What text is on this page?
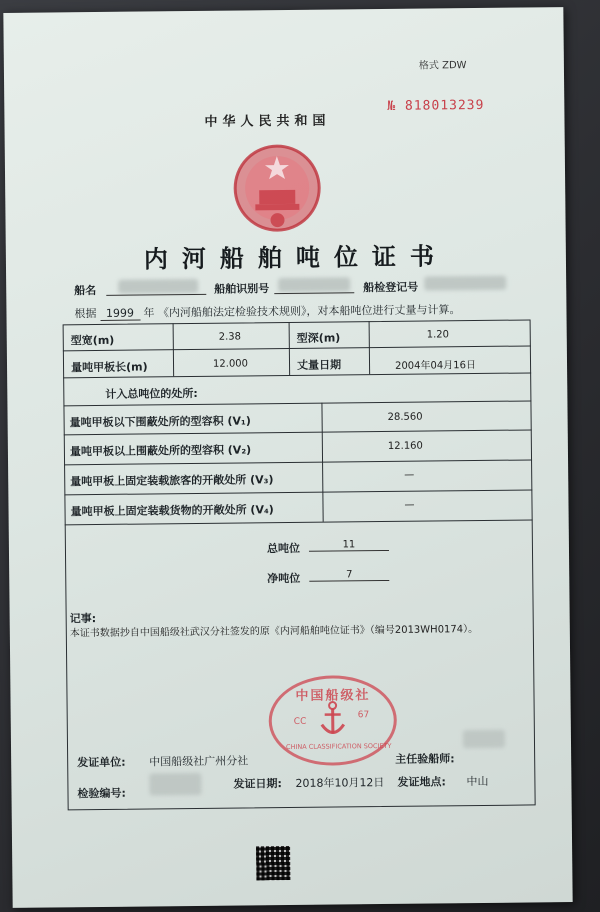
格式 ZDW
№ 818013239
中华人民共和国
内河船舶吨位证书
船名	船舶识别号	船检登记号
根据 1999 年 《内河船舶法定检验技术规则》，对本船吨位进行丈量与计算。
型宽(m)	2.38	型深(m)	1.20
量吨甲板长(m)	12.000	丈量日期	2004年04月16日
计入总吨位的处所:
量吨甲板以下围蔽处所的型容积 (V₁)	28.560
量吨甲板以上围蔽处所的型容积 (V₂)	12.160
量吨甲板上固定装载旅客的开敞处所 (V₃)	—
量吨甲板上固定装载货物的开敞处所 (V₄)	—
总吨位	11
净吨位	7
记事:
本证书数据抄自中国船级社武汉分社签发的原《内河船舶吨位证书》（编号2013WH0174）。
中国船级社
CC
67
CHINA CLASSIFICATION SOCIETY
发证单位: 中国船级社广州分社	主任验船师:
检验编号:
发证日期: 2018年10月12日 发证地点: 中山
